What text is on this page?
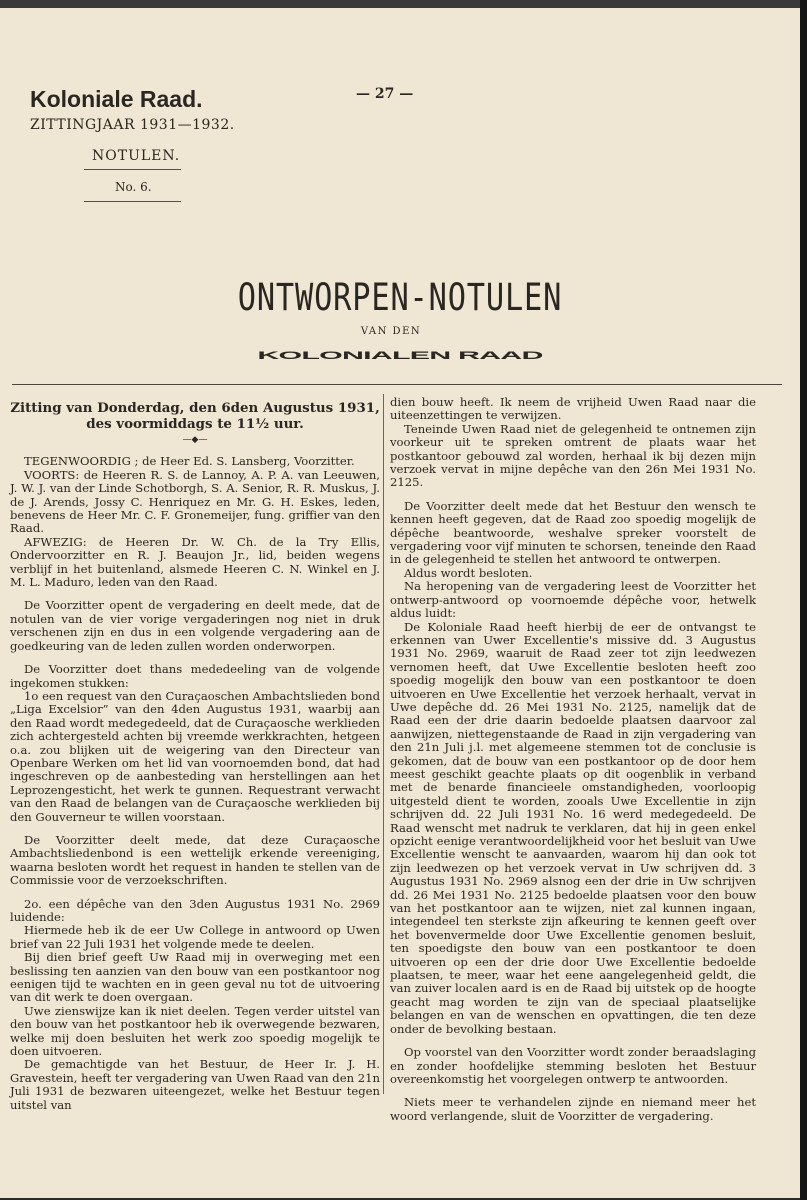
Koloniale Raad.
ZITTINGJAAR 1931—1932.
NOTULEN.
No. 6.
— 27 —
ONTWORPEN-NOTULEN
VAN DEN
KOLONIALEN RAAD
Zitting van Donderdag, den 6den Augustus 1931,
des voormiddags te 11½ uur.
—◆—

TEGENWOORDIG ; de Heer Ed. S. Lansberg, Voorzitter.

VOORTS: de Heeren R. S. de Lannoy, A. P. A. van Leeuwen, J. W. J. van der Linde Schotborgh, S. A. Senior, R. R. Muskus, J. de J. Arends, Jossy C. Henriquez en Mr. G. H. Eskes, leden, benevens de Heer Mr. C. F. Gronemeijer, fung. griffier van den Raad.

AFWEZIG: de Heeren Dr. W. Ch. de la Try Ellis, Ondervoorzitter en R. J. Beaujon Jr., lid, beiden wegens verblijf in het buitenland, alsmede Heeren C. N. Winkel en J. M. L. Maduro, leden van den Raad.

De Voorzitter opent de vergadering en deelt mede, dat de notulen van de vier vorige vergaderingen nog niet in druk verschenen zijn en dus in een volgende vergadering aan de goedkeuring van de leden zullen worden onderworpen.

De Voorzitter doet thans mededeeling van de volgende ingekomen stukken:

1o een request van den Curaçaoschen Ambachtslieden bond „Liga Excelsior” van den 4den Augustus 1931, waarbij aan den Raad wordt medegedeeld, dat de Curaçaosche werklieden zich achtergesteld achten bij vreemde werkkrachten, hetgeen o.a. zou blijken uit de weigering van den Directeur van Openbare Werken om het lid van voornoemden bond, dat had ingeschreven op de aanbesteding van herstellingen aan het Leprozengesticht, het werk te gunnen. Requestrant verwacht van den Raad de belangen van de Curaçaosche werklieden bij den Gouverneur te willen voorstaan.

De Voorzitter deelt mede, dat deze Curaçaosche Ambachtsliedenbond is een wettelijk erkende vereeniging, waarna besloten wordt het request in handen te stellen van de Commissie voor de verzoekschriften.

2o. een dépêche van den 3den Augustus 1931 No. 2969 luidende:

Hiermede heb ik de eer Uw College in antwoord op Uwen brief van 22 Juli 1931 het volgende mede te deelen.

Bij dien brief geeft Uw Raad mij in overweging met een beslissing ten aanzien van den bouw van een postkantoor nog eenigen tijd te wachten en in geen geval nu tot de uitvoering van dit werk te doen overgaan.

Uwe zienswijze kan ik niet deelen. Tegen verder uitstel van den bouw van het postkantoor heb ik overwegende bezwaren, welke mij doen besluiten het werk zoo spoedig mogelijk te doen uitvoeren.

De gemachtigde van het Bestuur, de Heer Ir. J. H. Gravestein, heeft ter vergadering van Uwen Raad van den 21n Juli 1931 de bezwaren uiteengezet, welke het Bestuur tegen uitstel van

dien bouw heeft. Ik neem de vrijheid Uwen Raad naar die uiteenzettingen te verwijzen.

Teneinde Uwen Raad niet de gelegenheid te ontnemen zijn voorkeur uit te spreken omtrent de plaats waar het postkantoor gebouwd zal worden, herhaal ik bij dezen mijn verzoek vervat in mijne depêche van den 26n Mei 1931 No. 2125.

De Voorzitter deelt mede dat het Bestuur den wensch te kennen heeft gegeven, dat de Raad zoo spoedig mogelijk de dépêche beantwoorde, weshalve spreker voorstelt de vergadering voor vijf minuten te schorsen, teneinde den Raad in de gelegenheid te stellen het antwoord te ontwerpen.

Aldus wordt besloten.

Na heropening van de vergadering leest de Voorzitter het ontwerp-antwoord op voornoemde dépêche voor, hetwelk aldus luidt:

De Koloniale Raad heeft hierbij de eer de ontvangst te erkennen van Uwer Excellentie's missive dd. 3 Augustus 1931 No. 2969, waaruit de Raad zeer tot zijn leedwezen vernomen heeft, dat Uwe Excellentie besloten heeft zoo spoedig mogelijk den bouw van een postkantoor te doen uitvoeren en Uwe Excellentie het verzoek herhaalt, vervat in Uwe depêche dd. 26 Mei 1931 No. 2125, namelijk dat de Raad een der drie daarin bedoelde plaatsen daarvoor zal aanwijzen, niettegenstaande de Raad in zijn vergadering van den 21n Juli j.l. met algemeene stemmen tot de conclusie is gekomen, dat de bouw van een postkantoor op de door hem meest geschikt geachte plaats op dit oogenblik in verband met de benarde financieele omstandigheden, voorloopig uitgesteld dient te worden, zooals Uwe Excellentie in zijn schrijven dd. 22 Juli 1931 No. 16 werd medegedeeld. De Raad wenscht met nadruk te verklaren, dat hij in geen enkel opzicht eenige verantwoordelijkheid voor het besluit van Uwe Excellentie wenscht te aanvaarden, waarom hij dan ook tot zijn leedwezen op het verzoek vervat in Uw schrijven dd. 3 Augustus 1931 No. 2969 alsnog een der drie in Uw schrijven dd. 26 Mei 1931 No. 2125 bedoelde plaatsen voor den bouw van het postkantoor aan te wijzen, niet zal kunnen ingaan, integendeel ten sterkste zijn afkeuring te kennen geeft over het bovenvermelde door Uwe Excellentie genomen besluit, ten spoedigste den bouw van een postkantoor te doen uitvoeren op een der drie door Uwe Excellentie bedoelde plaatsen, te meer, waar het eene aangelegenheid geldt, die van zuiver localen aard is en de Raad bij uitstek op de hoogte geacht mag worden te zijn van de speciaal plaatselijke belangen en van de wenschen en opvattingen, die ten deze onder de bevolking bestaan.

Op voorstel van den Voorzitter wordt zonder beraadslaging en zonder hoofdelijke stemming besloten het Bestuur overeenkomstig het voorgelegen ontwerp te antwoorden.

Niets meer te verhandelen zijnde en niemand meer het woord verlangende, sluit de Voorzitter de vergadering.
